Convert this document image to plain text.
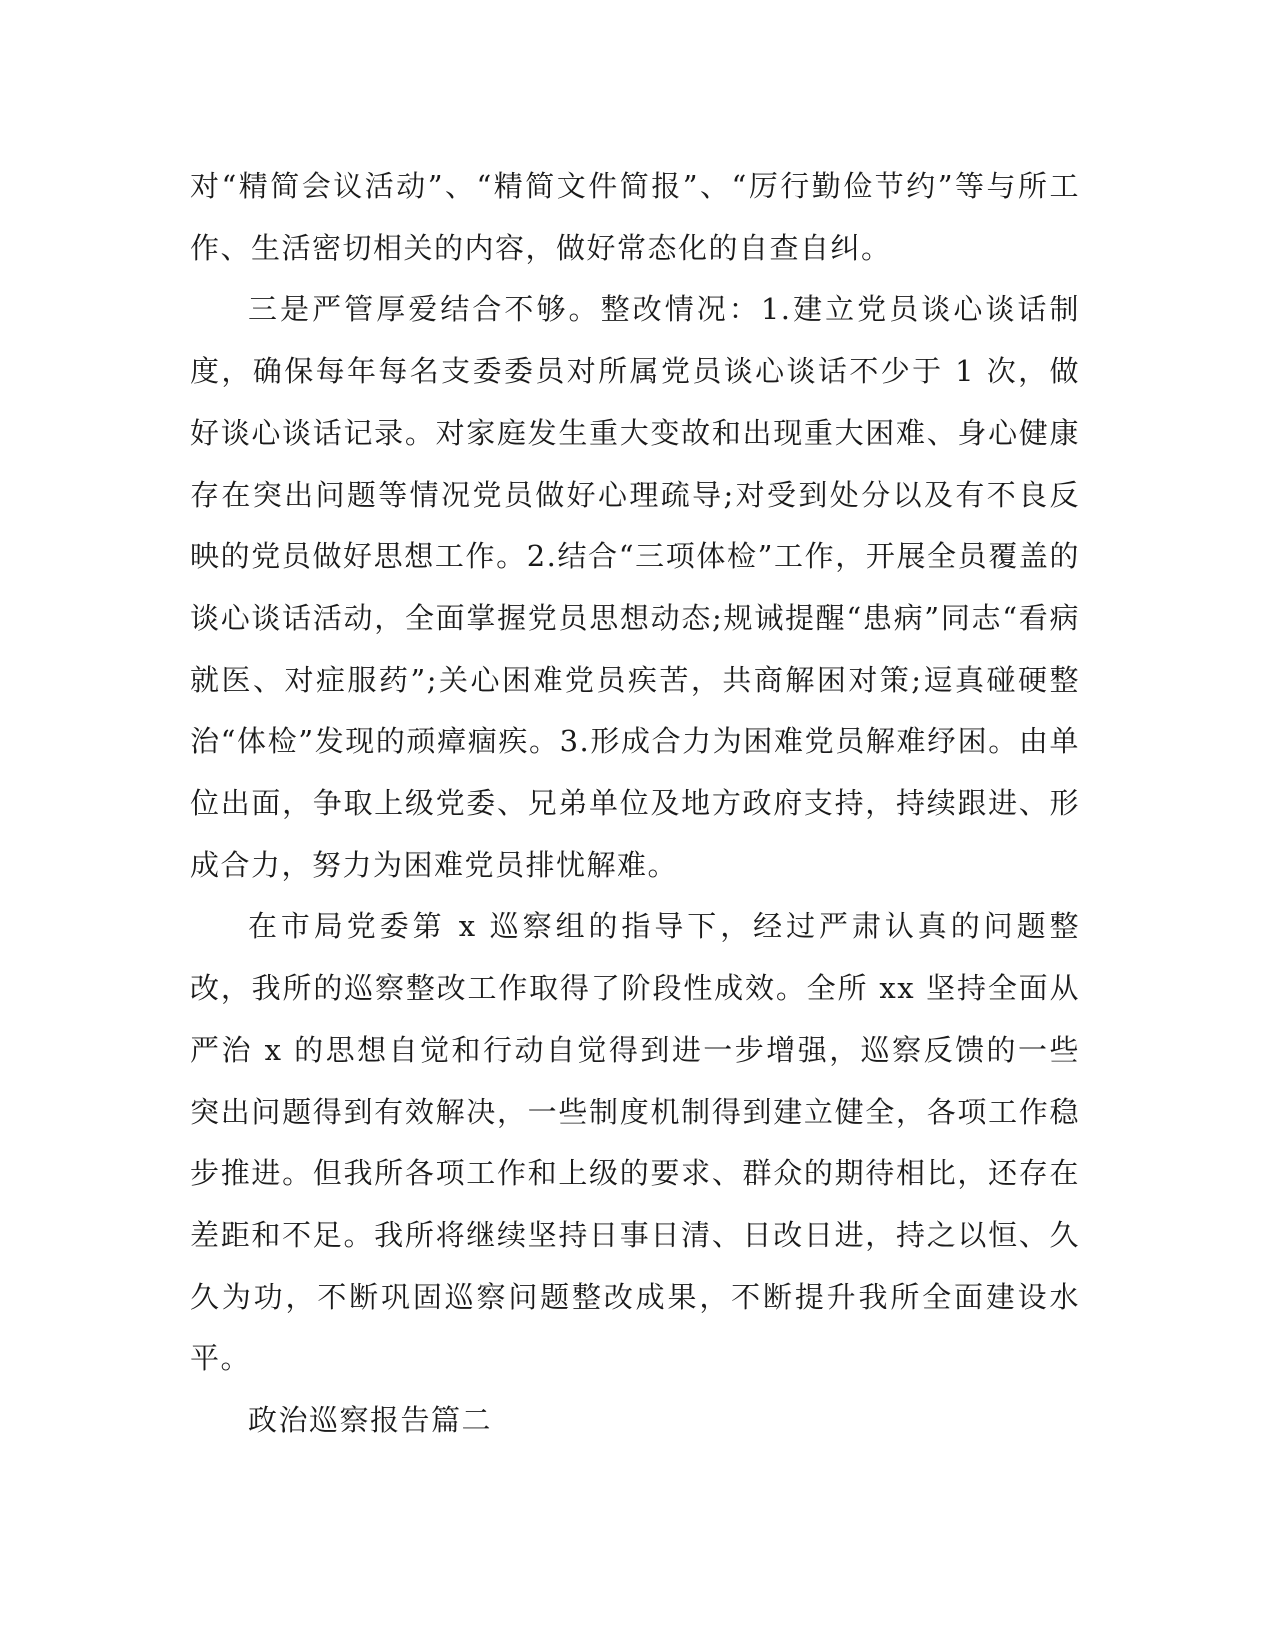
对“精简会议活动”、“精简文件简报”、“厉行勤俭节约”等与所工作、生活密切相关的内容，做好常态化的自查自纠。

三是严管厚爱结合不够。整改情况：1.建立党员谈心谈话制度，确保每年每名支委委员对所属党员谈心谈话不少于 1 次，做好谈心谈话记录。对家庭发生重大变故和出现重大困难、身心健康存在突出问题等情况党员做好心理疏导;对受到处分以及有不良反映的党员做好思想工作。2.结合“三项体检”工作，开展全员覆盖的谈心谈话活动，全面掌握党员思想动态;规诫提醒“患病”同志“看病就医、对症服药”;关心困难党员疾苦，共商解困对策;逗真碰硬整治“体检”发现的顽瘴痼疾。3.形成合力为困难党员解难纾困。由单位出面，争取上级党委、兄弟单位及地方政府支持，持续跟进、形成合力，努力为困难党员排忧解难。

在市局党委第 x 巡察组的指导下，经过严肃认真的问题整改，我所的巡察整改工作取得了阶段性成效。全所 xx 坚持全面从严治 x 的思想自觉和行动自觉得到进一步增强，巡察反馈的一些突出问题得到有效解决，一些制度机制得到建立健全，各项工作稳步推进。但我所各项工作和上级的要求、群众的期待相比，还存在差距和不足。我所将继续坚持日事日清、日改日进，持之以恒、久久为功，不断巩固巡察问题整改成果，不断提升我所全面建设水平。

政治巡察报告篇二
